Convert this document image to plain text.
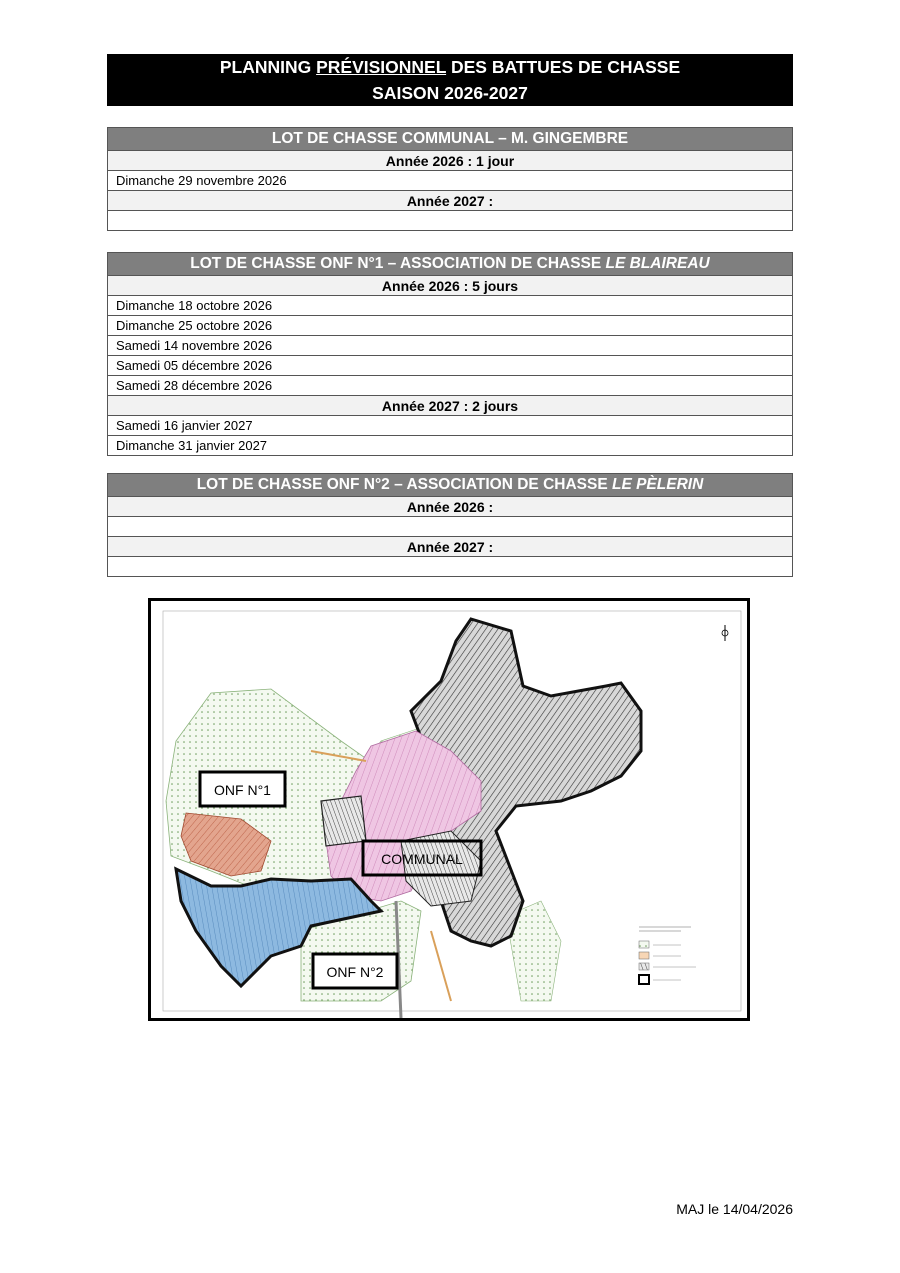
PLANNING PRÉVISIONNEL DES BATTUES DE CHASSE
SAISON 2026-2027
LOT DE CHASSE COMMUNAL – M. GINGEMBRE
Année 2026 : 1 jour
Dimanche 29 novembre 2026
Année 2027 :

LOT DE CHASSE ONF N°1 – ASSOCIATION DE CHASSE LE BLAIREAU
Année 2026 : 5 jours
Dimanche 18 octobre 2026
Dimanche 25 octobre 2026
Samedi 14 novembre 2026
Samedi 05 décembre 2026
Samedi 28 décembre 2026
Année 2027 : 2 jours
Samedi 16 janvier 2027
Dimanche 31 janvier 2027
LOT DE CHASSE ONF N°2 – ASSOCIATION DE CHASSE LE PÈLERIN
Année 2026 :

Année 2027 :

ONF N°1
COMMUNAL
ONF N°2
MAJ le 14/04/2026
